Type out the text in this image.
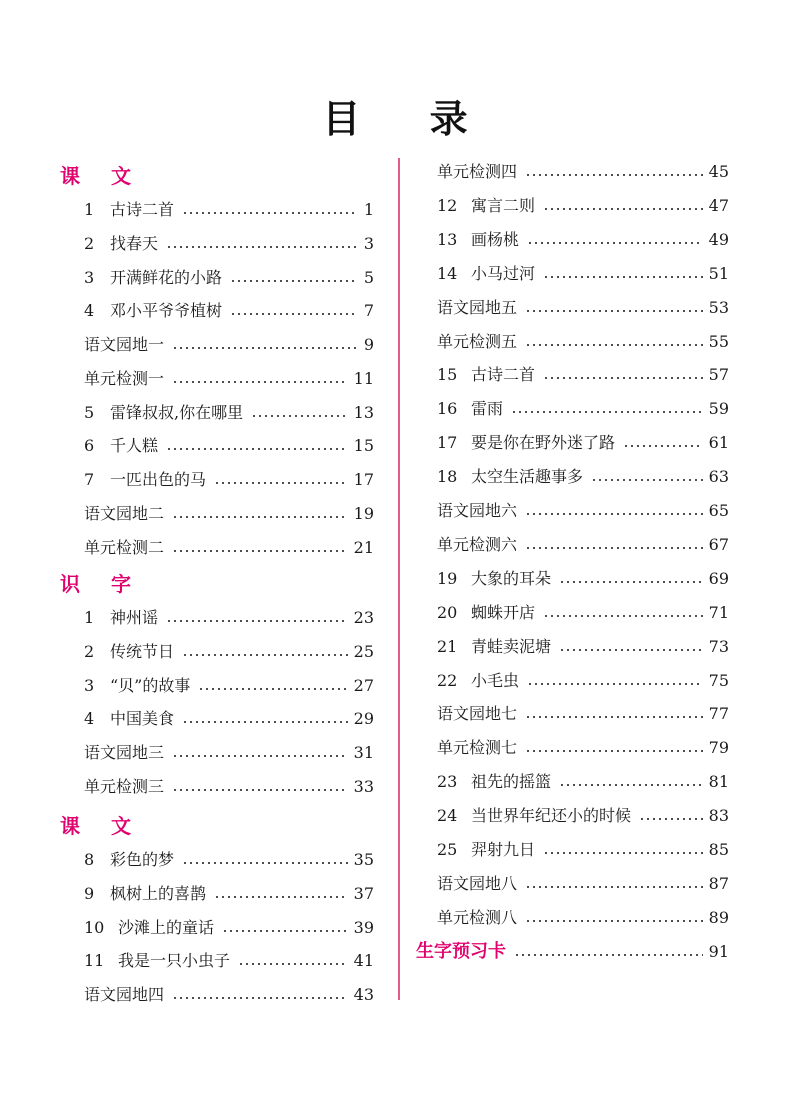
目 录
课 文
1 古诗二首	1
2 找春天	3
3 开满鲜花的小路	5
4 邓小平爷爷植树	7
语文园地一	9
单元检测一	11
5 雷锋叔叔,你在哪里	13
6 千人糕	15
7 一匹出色的马	17
语文园地二	19
单元检测二	21
识 字
1 神州谣	23
2 传统节日	25
3 “贝”的故事	27
4 中国美食	29
语文园地三	31
单元检测三	33
课 文
8 彩色的梦	35
9 枫树上的喜鹊	37
10 沙滩上的童话	39
11 我是一只小虫子	41
语文园地四	43
单元检测四	45
12 寓言二则	47
13 画杨桃	49
14 小马过河	51
语文园地五	53
单元检测五	55
15 古诗二首	57
16 雷雨	59
17 要是你在野外迷了路	61
18 太空生活趣事多	63
语文园地六	65
单元检测六	67
19 大象的耳朵	69
20 蜘蛛开店	71
21 青蛙卖泥塘	73
22 小毛虫	75
语文园地七	77
单元检测七	79
23 祖先的摇篮	81
24 当世界年纪还小的时候	83
25 羿射九日	85
语文园地八	87
单元检测八	89
生字预习卡	91
